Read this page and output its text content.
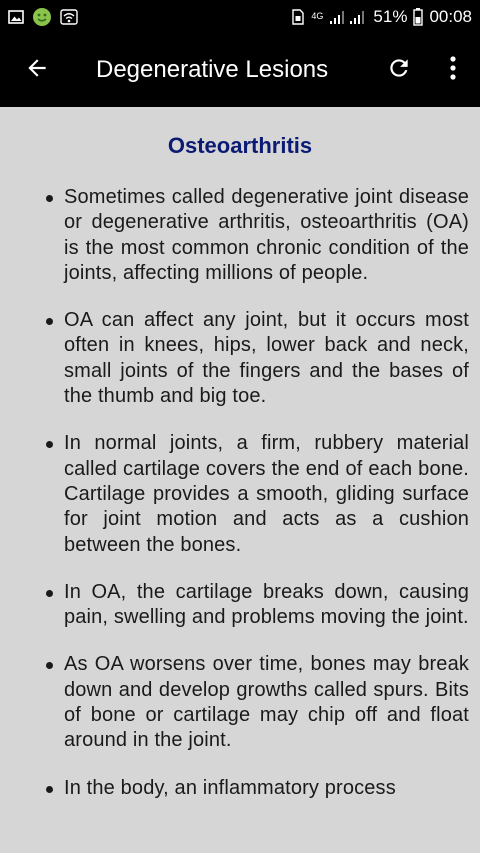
4G	51% 00:08
Degenerative Lesions
Osteoarthritis
Sometimes called degenerative joint disease or degenerative arthritis, osteoarthritis (OA) is the most common chronic condition of the joints, affecting millions of people.
OA can affect any joint, but it occurs most often in knees, hips, lower back and neck, small joints of the fingers and the bases of the thumb and big toe.
In normal joints, a firm, rubbery material called cartilage covers the end of each bone. Cartilage provides a smooth, gliding surface for joint motion and acts as a cushion between the bones.
In OA, the cartilage breaks down, causing pain, swelling and problems moving the joint.
As OA worsens over time, bones may break down and develop growths called spurs. Bits of bone or cartilage may chip off and float around in the joint.
In the body, an inflammatory process
